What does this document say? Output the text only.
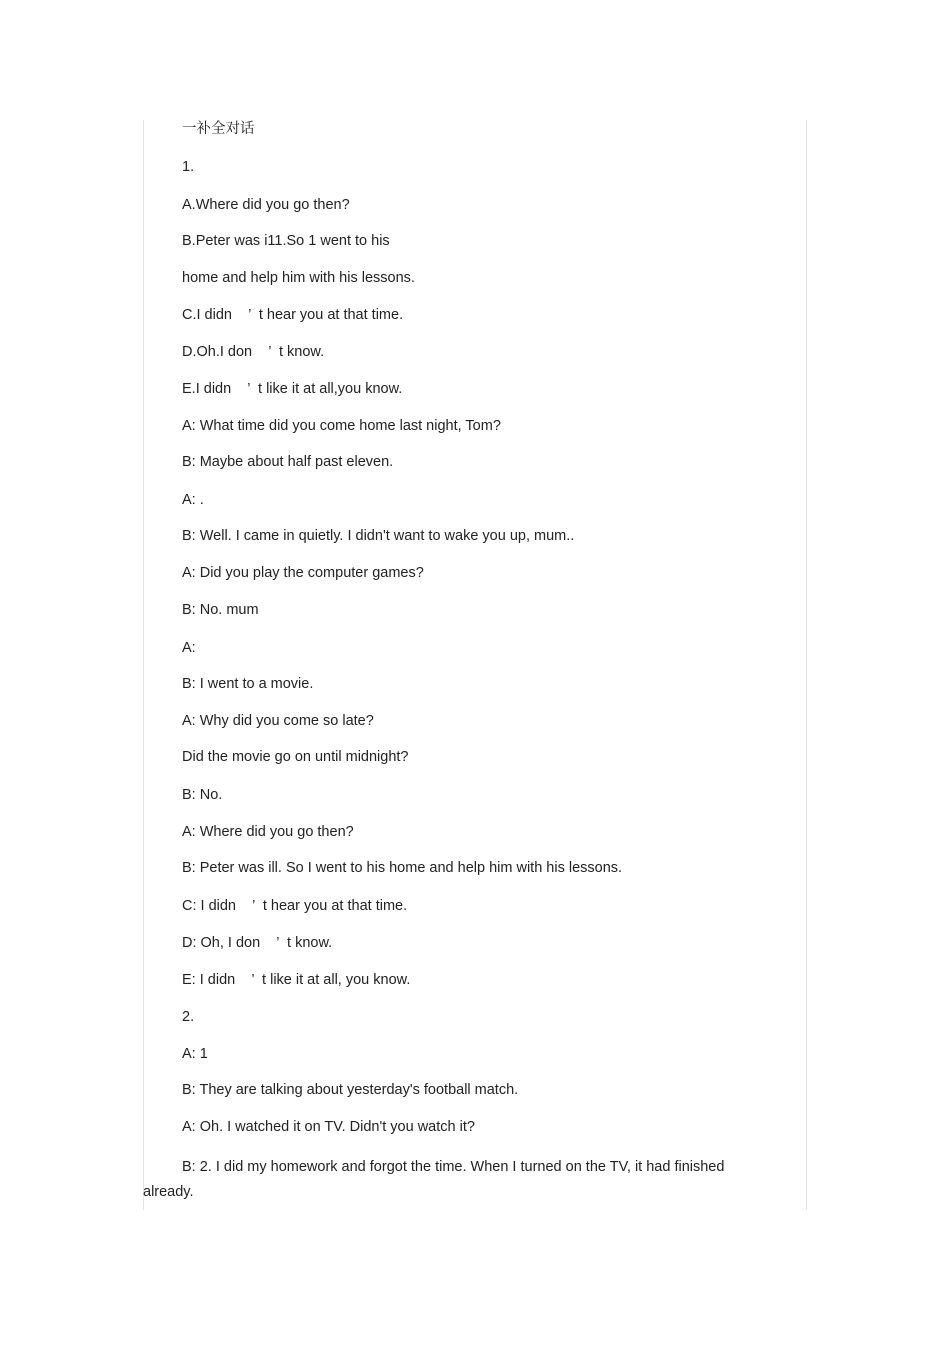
一补全对话
1.
A.Where did you go then?
B.Peter was i11.So 1 went to his
home and help him with his lessons.
C.I didn    ’  t hear you at that time.
D.Oh.I don    ’  t know.
E.I didn    ’  t like it at all,you know.
A: What time did you come home last night, Tom?
B: Maybe about half past eleven.
A: .
B: Well. I came in quietly. I didn't want to wake you up, mum..
A: Did you play the computer games?
B: No. mum
A:
B: I went to a movie.
A: Why did you come so late?
Did the movie go on until midnight?
B: No.
A: Where did you go then?
B: Peter was ill. So I went to his home and help him with his lessons.
C: I didn    ’  t hear you at that time.
D: Oh, I don    ’  t know.
E: I didn    ’  t like it at all, you know.
2.
A: 1
B: They are talking about yesterday's football match.
A: Oh. I watched it on TV. Didn't you watch it?
B: 2. I did my homework and forgot the time. When I turned on the TV, it had finished already.
